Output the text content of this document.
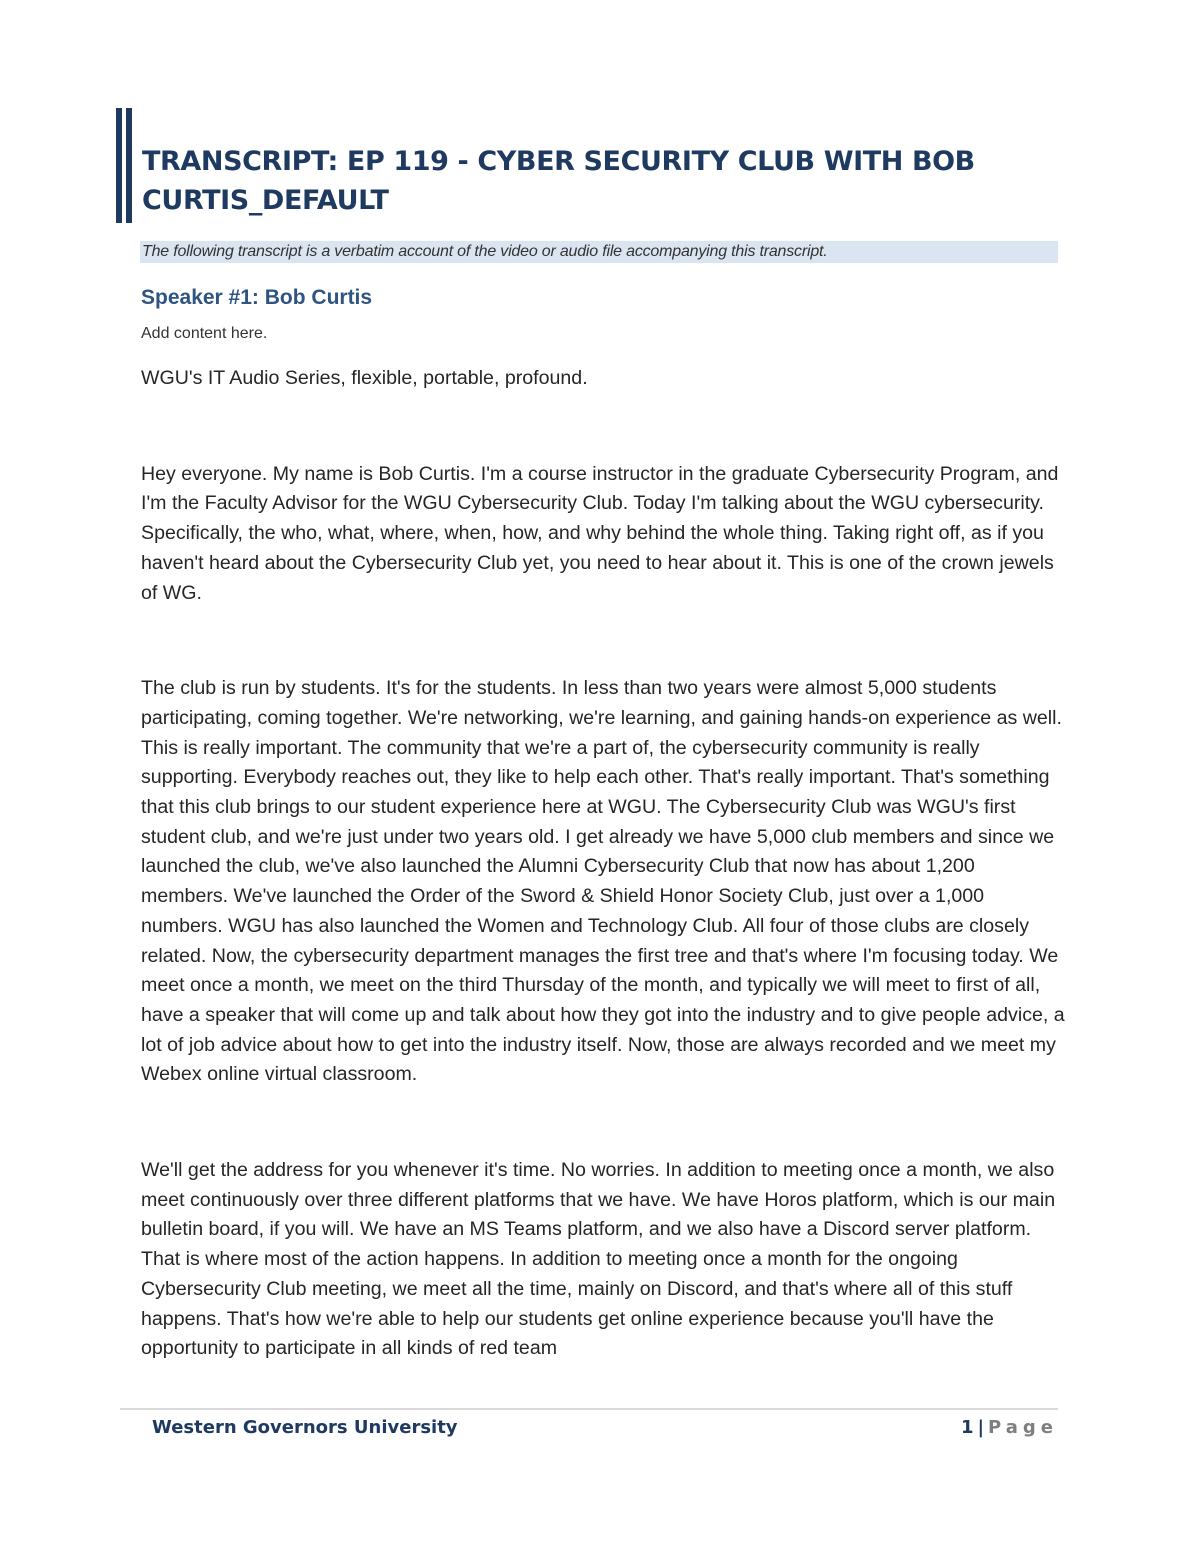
TRANSCRIPT: EP 119 - CYBER SECURITY CLUB WITH BOB CURTIS_DEFAULT
The following transcript is a verbatim account of the video or audio file accompanying this transcript.
Speaker #1: Bob Curtis
Add content here.

WGU's IT Audio Series, flexible, portable, profound.

Hey everyone. My name is Bob Curtis. I'm a course instructor in the graduate Cybersecurity Program, and I'm the Faculty Advisor for the WGU Cybersecurity Club. Today I'm talking about the WGU cybersecurity. Specifically, the who, what, where, when, how, and why behind the whole thing. Taking right off, as if you haven't heard about the Cybersecurity Club yet, you need to hear about it. This is one of the crown jewels of WG.

The club is run by students. It's for the students. In less than two years were almost 5,000 students participating, coming together. We're networking, we're learning, and gaining hands-on experience as well. This is really important. The community that we're a part of, the cybersecurity community is really supporting. Everybody reaches out, they like to help each other. That's really important. That's something that this club brings to our student experience here at WGU. The Cybersecurity Club was WGU's first student club, and we're just under two years old. I get already we have 5,000 club members and since we launched the club, we've also launched the Alumni Cybersecurity Club that now has about 1,200 members. We've launched the Order of the Sword & Shield Honor Society Club, just over a 1,000 numbers. WGU has also launched the Women and Technology Club. All four of those clubs are closely related. Now, the cybersecurity department manages the first tree and that's where I'm focusing today. We meet once a month, we meet on the third Thursday of the month, and typically we will meet to first of all, have a speaker that will come up and talk about how they got into the industry and to give people advice, a lot of job advice about how to get into the industry itself. Now, those are always recorded and we meet my Webex online virtual classroom.

We'll get the address for you whenever it's time. No worries. In addition to meeting once a month, we also meet continuously over three different platforms that we have. We have Horos platform, which is our main bulletin board, if you will. We have an MS Teams platform, and we also have a Discord server platform. That is where most of the action happens. In addition to meeting once a month for the ongoing Cybersecurity Club meeting, we meet all the time, mainly on Discord, and that's where all of this stuff happens. That's how we're able to help our students get online experience because you'll have the opportunity to participate in all kinds of red team

Western Governors University	1 | Page
